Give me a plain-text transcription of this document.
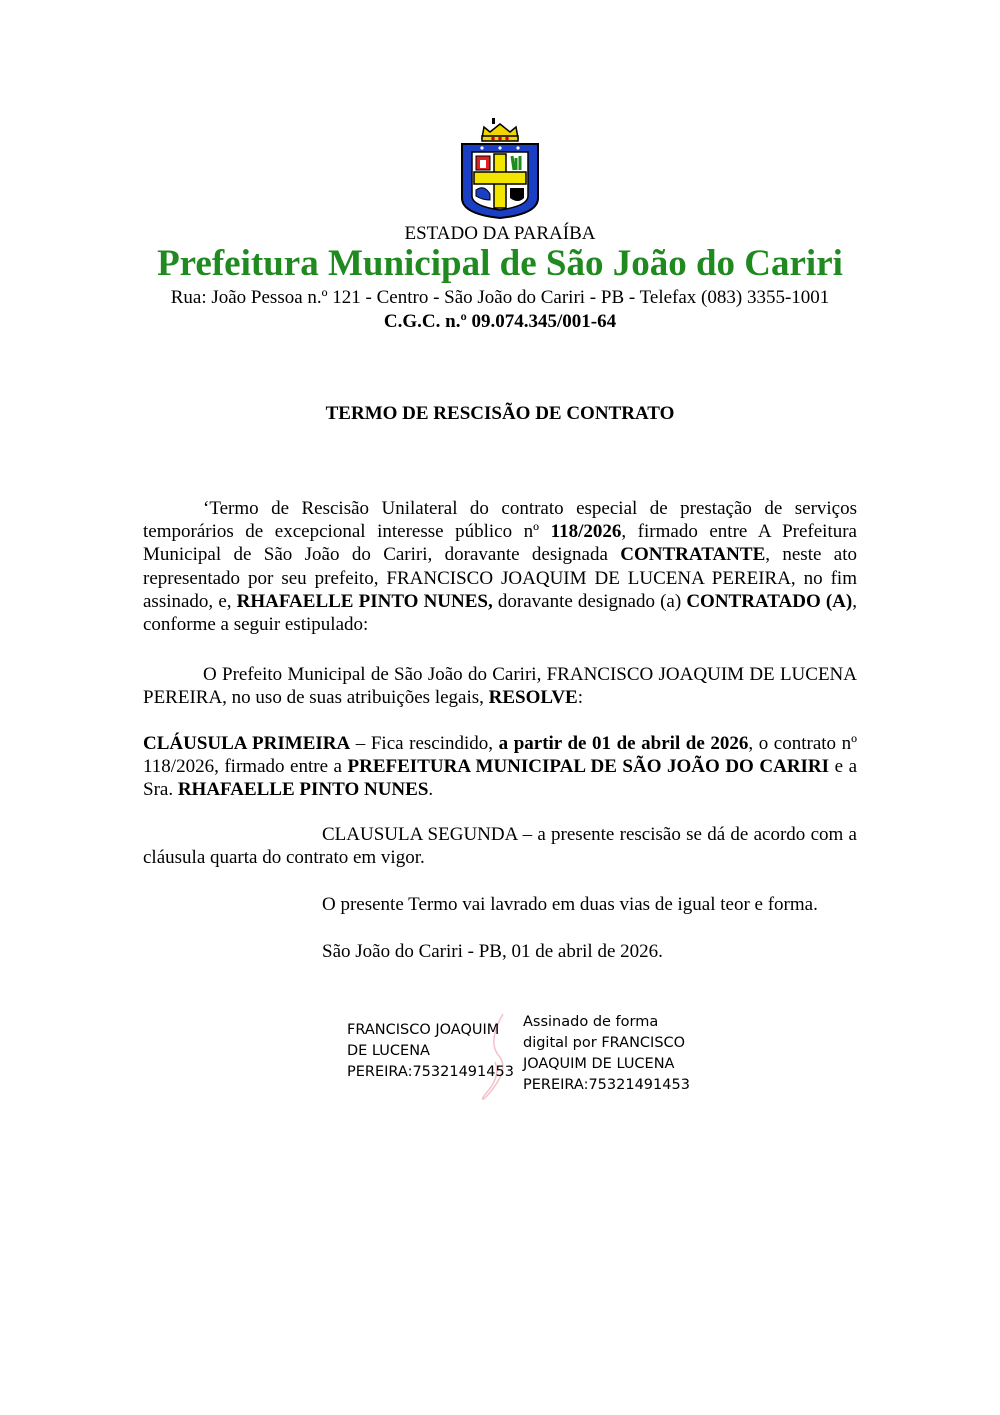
ESTADO DA PARAÍBA
Prefeitura Municipal de São João do Cariri
Rua: João Pessoa n.º 121 - Centro - São João do Cariri - PB - Telefax (083) 3355-1001
C.G.C. n.º 09.074.345/001-64
TERMO DE RESCISÃO DE CONTRATO
‘Termo de Rescisão Unilateral do contrato especial de prestação de serviços temporários de excepcional interesse público nº 118/2026, firmado entre A Prefeitura Municipal de São João do Cariri, doravante designada CONTRATANTE, neste ato representado por seu prefeito, FRANCISCO JOAQUIM DE LUCENA PEREIRA, no fim assinado, e, RHAFAELLE PINTO NUNES, doravante designado (a) CONTRATADO (A), conforme a seguir estipulado:
O Prefeito Municipal de São João do Cariri, FRANCISCO JOAQUIM DE LUCENA PEREIRA, no uso de suas atribuições legais, RESOLVE:
CLÁUSULA PRIMEIRA – Fica rescindido, a partir de 01 de abril de 2026, o contrato nº 118/2026, firmado entre a PREFEITURA MUNICIPAL DE SÃO JOÃO DO CARIRI e a Sra. RHAFAELLE PINTO NUNES.
CLAUSULA SEGUNDA – a presente rescisão se dá de acordo com a cláusula quarta do contrato em vigor.
O presente Termo vai lavrado em duas vias de igual teor e forma.
São João do Cariri - PB, 01 de abril de 2026.
FRANCISCO JOAQUIM
DE LUCENA
PEREIRA:75321491453
Assinado de forma
digital por FRANCISCO
JOAQUIM DE LUCENA
PEREIRA:75321491453
